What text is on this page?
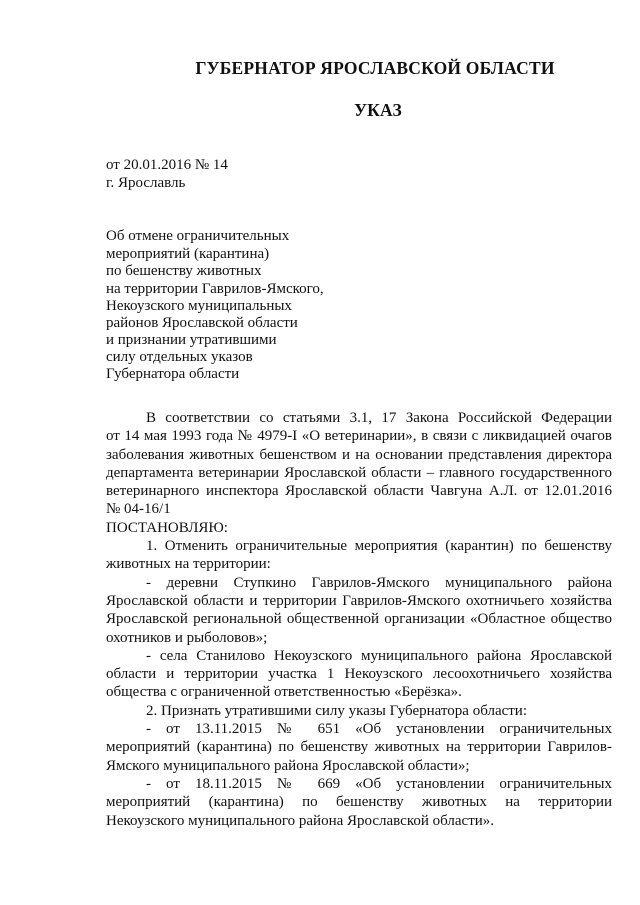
ГУБЕРНАТОР ЯРОСЛАВСКОЙ ОБЛАСТИ
УКАЗ
от 20.01.2016 № 14
г. Ярославль
Об отмене ограничительных
мероприятий (карантина)
по бешенству животных
на территории Гаврилов-Ямского,
Некоузского муниципальных
районов Ярославской области
и признании утратившими
силу отдельных указов
Губернатора области
В соответствии со статьями 3.1, 17 Закона Российской Федерации
от 14 мая 1993 года № 4979-I «О ветеринарии», в связи с ликвидацией очагов
заболевания животных бешенством и на основании представления директора
департамента ветеринарии Ярославской области – главного государственного
ветеринарного инспектора Ярославской области Чавгуна А.Л. от 12.01.2016
№ 04-16/1
ПОСТАНОВЛЯЮ:
1. Отменить ограничительные мероприятия (карантин) по бешенству
животных на территории:
- деревни Ступкино Гаврилов-Ямского муниципального района
Ярославской области и территории Гаврилов-Ямского охотничьего хозяйства
Ярославской региональной общественной организации «Областное общество
охотников и рыболовов»;
- села Станилово Некоузского муниципального района Ярославской
области и территории участка 1 Некоузского лесоохотничьего хозяйства
общества с ограниченной ответственностью «Берёзка».
2. Признать утратившими силу указы Губернатора области:
- от 13.11.2015 № 651 «Об установлении ограничительных
мероприятий (карантина) по бешенству животных на территории Гаврилов-
Ямского муниципального района Ярославской области»;
- от 18.11.2015 № 669 «Об установлении ограничительных
мероприятий (карантина) по бешенству животных на территории
Некоузского муниципального района Ярославской области».
